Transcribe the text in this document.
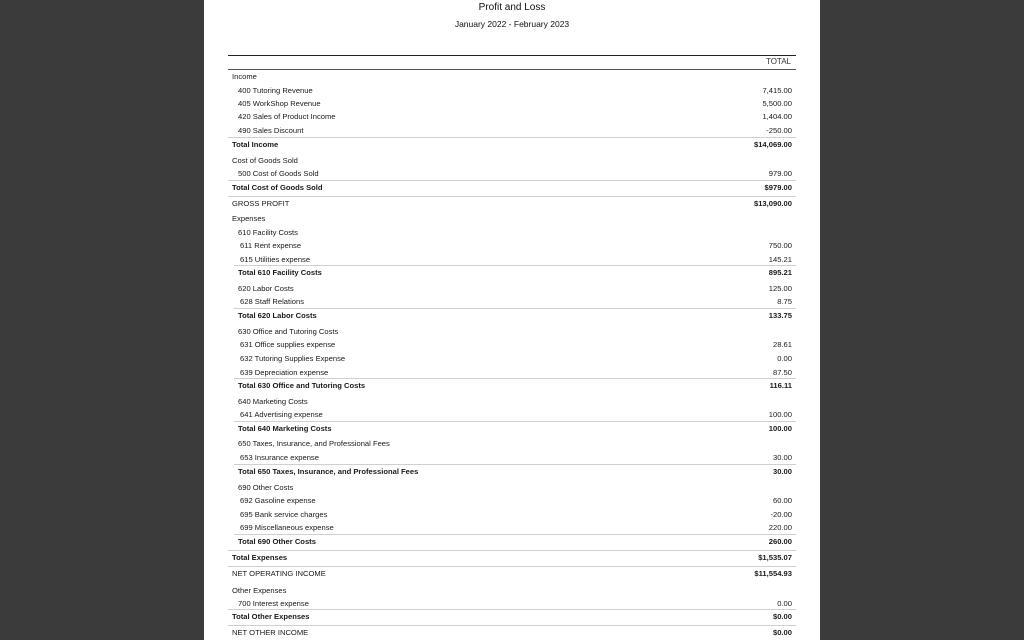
Profit and Loss
January 2022 - February 2023
TOTAL
Income
400 Tutoring Revenue	7,415.00
405 WorkShop Revenue	5,500.00
420 Sales of Product Income	1,404.00
490 Sales Discount	-250.00
Total Income	$14,069.00
Cost of Goods Sold
500 Cost of Goods Sold	979.00
Total Cost of Goods Sold	$979.00
GROSS PROFIT	$13,090.00
Expenses
610 Facility Costs
611 Rent expense	750.00
615 Utilities expense	145.21
Total 610 Facility Costs	895.21
620 Labor Costs	125.00
628 Staff Relations	8.75
Total 620 Labor Costs	133.75
630 Office and Tutoring Costs
631 Office supplies expense	28.61
632 Tutoring Supplies Expense	0.00
639 Depreciation expense	87.50
Total 630 Office and Tutoring Costs	116.11
640 Marketing Costs
641 Advertising expense	100.00
Total 640 Marketing Costs	100.00
650 Taxes, Insurance, and Professional Fees
653 Insurance expense	30.00
Total 650 Taxes, Insurance, and Professional Fees	30.00
690 Other Costs
692 Gasoline expense	60.00
695 Bank service charges	-20.00
699 Miscellaneous expense	220.00
Total 690 Other Costs	260.00
Total Expenses	$1,535.07
NET OPERATING INCOME	$11,554.93
Other Expenses
700 Interest expense	0.00
Total Other Expenses	$0.00
NET OTHER INCOME	$0.00
